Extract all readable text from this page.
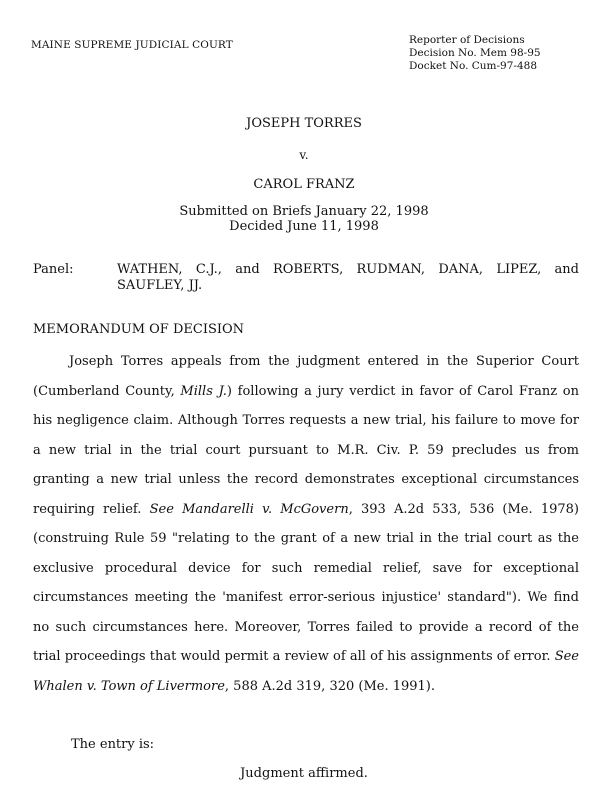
MAINE SUPREME JUDICIAL COURT	Reporter of Decisions
Decision No. Mem 98-95
Docket No. Cum-97-488
JOSEPH TORRES
v.
CAROL FRANZ
Submitted on Briefs January 22, 1998
Decided June 11, 1998
Panel:	WATHEN, C.J., and ROBERTS, RUDMAN, DANA, LIPEZ, and SAUFLEY, JJ.
MEMORANDUM OF DECISION

Joseph Torres appeals from the judgment entered in the Superior Court (Cumberland County, Mills J.) following a jury verdict in favor of Carol Franz on his negligence claim. Although Torres requests a new trial, his failure to move for a new trial in the trial court pursuant to M.R. Civ. P. 59 precludes us from granting a new trial unless the record demonstrates exceptional circumstances requiring relief. See Mandarelli v. McGovern, 393 A.2d 533, 536 (Me. 1978) (construing Rule 59 "relating to the grant of a new trial in the trial court as the exclusive procedural device for such remedial relief, save for exceptional circumstances meeting the 'manifest error-serious injustice' standard"). We find no such circumstances here. Moreover, Torres failed to provide a record of the trial proceedings that would permit a review of all of his assignments of error. See Whalen v. Town of Livermore, 588 A.2d 319, 320 (Me. 1991).

The entry is:
Judgment affirmed.
